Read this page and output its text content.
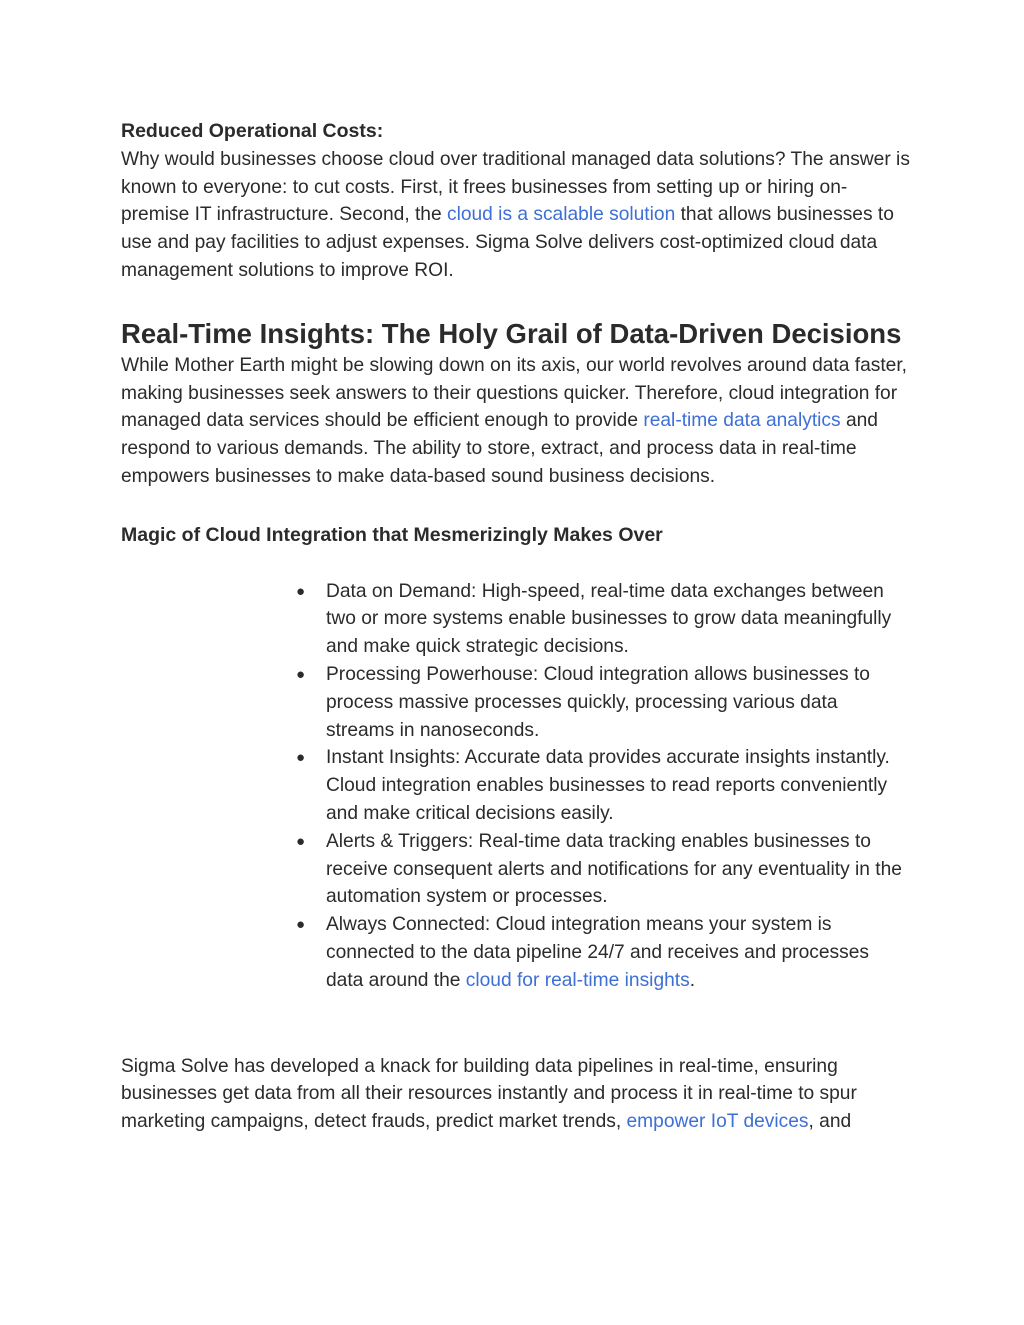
Reduced Operational Costs:

Why would businesses choose cloud over traditional managed data solutions? The answer is known to everyone: to cut costs. First, it frees businesses from setting up or hiring on-premise IT infrastructure. Second, the cloud is a scalable solution that allows businesses to use and pay facilities to adjust expenses. Sigma Solve delivers cost-optimized cloud data management solutions to improve ROI.

Real-Time Insights: The Holy Grail of Data-Driven Decisions

While Mother Earth might be slowing down on its axis, our world revolves around data faster, making businesses seek answers to their questions quicker. Therefore, cloud integration for managed data services should be efficient enough to provide real-time data analytics and respond to various demands. The ability to store, extract, and process data in real-time empowers businesses to make data-based sound business decisions.

Magic of Cloud Integration that Mesmerizingly Makes Over
● Data on Demand: High-speed, real-time data exchanges between two or more systems enable businesses to grow data meaningfully and make quick strategic decisions.
● Processing Powerhouse: Cloud integration allows businesses to process massive processes quickly, processing various data streams in nanoseconds.
● Instant Insights: Accurate data provides accurate insights instantly. Cloud integration enables businesses to read reports conveniently and make critical decisions easily.
● Alerts & Triggers: Real-time data tracking enables businesses to receive consequent alerts and notifications for any eventuality in the automation system or processes.
● Always Connected: Cloud integration means your system is connected to the data pipeline 24/7 and receives and processes data around the cloud for real-time insights.

Sigma Solve has developed a knack for building data pipelines in real-time, ensuring businesses get data from all their resources instantly and process it in real-time to spur marketing campaigns, detect frauds, predict market trends, empower IoT devices, and
